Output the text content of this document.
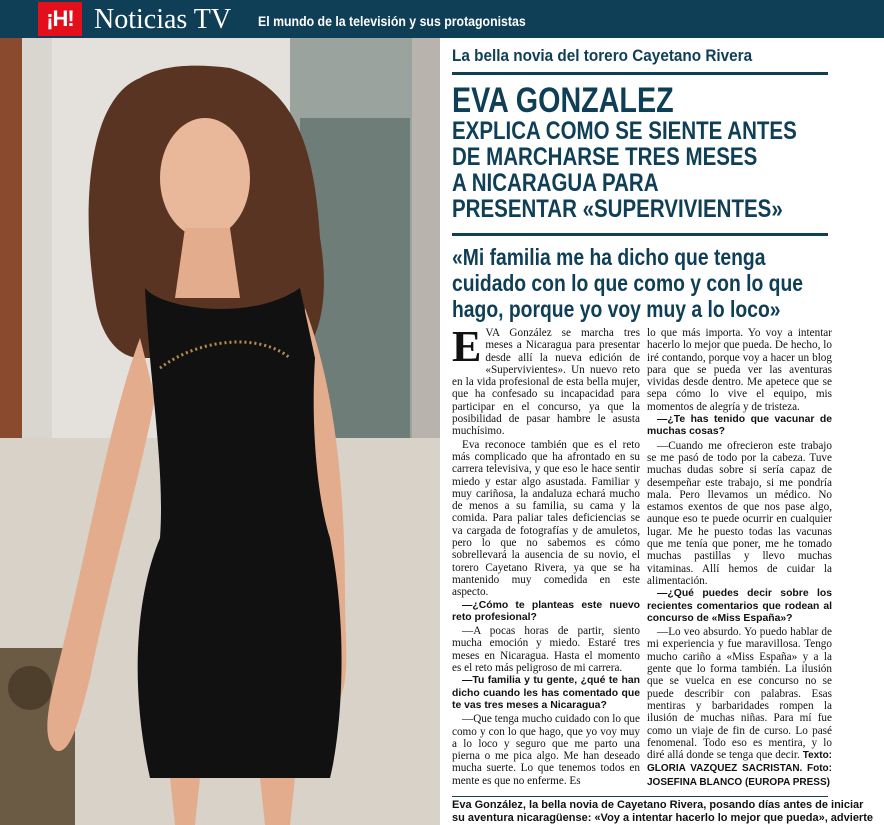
¡H! Noticias TV El mundo de la televisión y sus protagonistas
La bella novia del torero Cayetano Rivera
EVA GONZALEZ
EXPLICA COMO SE SIENTE ANTES
DE MARCHARSE TRES MESES
A NICARAGUA PARA
PRESENTAR «SUPERVIVIENTES»
«Mi familia me ha dicho que tenga
cuidado con lo que como y con lo que
hago, porque yo voy muy a lo loco»

EVA González se marcha tres meses a Nicaragua para presentar desde allí la nueva edición de «Supervivientes». Un nuevo reto en la vida profesional de esta bella mujer, que ha confesado su incapacidad para participar en el concurso, ya que la posibilidad de pasar hambre le asusta muchísimo.

Eva reconoce también que es el reto más complicado que ha afrontado en su carrera televisiva, y que eso le hace sentir miedo y estar algo asustada. Familiar y muy cariñosa, la andaluza echará mucho de menos a su familia, su cama y la comida. Para paliar tales deficiencias se va cargada de fotografías y de amuletos, pero lo que no sabemos es cómo sobrellevará la ausencia de su novio, el torero Cayetano Rivera, ya que se ha mantenido muy comedida en este aspecto.

—¿Cómo te planteas este nuevo reto profesional?

—A pocas horas de partir, siento mucha emoción y miedo. Estaré tres meses en Nicaragua. Hasta el momento es el reto más peligroso de mi carrera.

—Tu familia y tu gente, ¿qué te han dicho cuando les has comentado que te vas tres meses a Nicaragua?

—Que tenga mucho cuidado con lo que como y con lo que hago, que yo voy muy a lo loco y seguro que me parto una pierna o me pica algo. Me han deseado mucha suerte. Lo que tenemos todos en mente es que no enferme. Es

lo que más importa. Yo voy a intentar hacerlo lo mejor que pueda. De hecho, lo iré contando, porque voy a hacer un blog para que se pueda ver las aventuras vividas desde dentro. Me apetece que se sepa cómo lo vive el equipo, mis momentos de alegría y de tristeza.

—¿Te has tenido que vacunar de muchas cosas?

—Cuando me ofrecieron este trabajo se me pasó de todo por la cabeza. Tuve muchas dudas sobre si sería capaz de desempeñar este trabajo, si me pondría mala. Pero llevamos un médico. No estamos exentos de que nos pase algo, aunque eso te puede ocurrir en cualquier lugar. Me he puesto todas las vacunas que me tenía que poner, me he tomado muchas pastillas y llevo muchas vitaminas. Allí hemos de cuidar la alimentación.

—¿Qué puedes decir sobre los recientes comentarios que rodean al concurso de «Miss España»?

—Lo veo absurdo. Yo puedo hablar de mi experiencia y fue maravillosa. Tengo mucho cariño a «Miss España» y a la gente que lo forma también. La ilusión que se vuelca en ese concurso no se puede describir con palabras. Esas mentiras y barbaridades rompen la ilusión de muchas niñas. Para mí fue como un viaje de fin de curso. Lo pasé fenomenal. Todo eso es mentira, y lo diré allá donde se tenga que decir. Texto: GLORIA VAZQUEZ SACRISTAN. Foto: JOSEFINA BLANCO (EUROPA PRESS)

Eva González, la bella novia de Cayetano Rivera, posando días antes de iniciar
su aventura nicaragüense: «Voy a intentar hacerlo lo mejor que pueda», advierte
